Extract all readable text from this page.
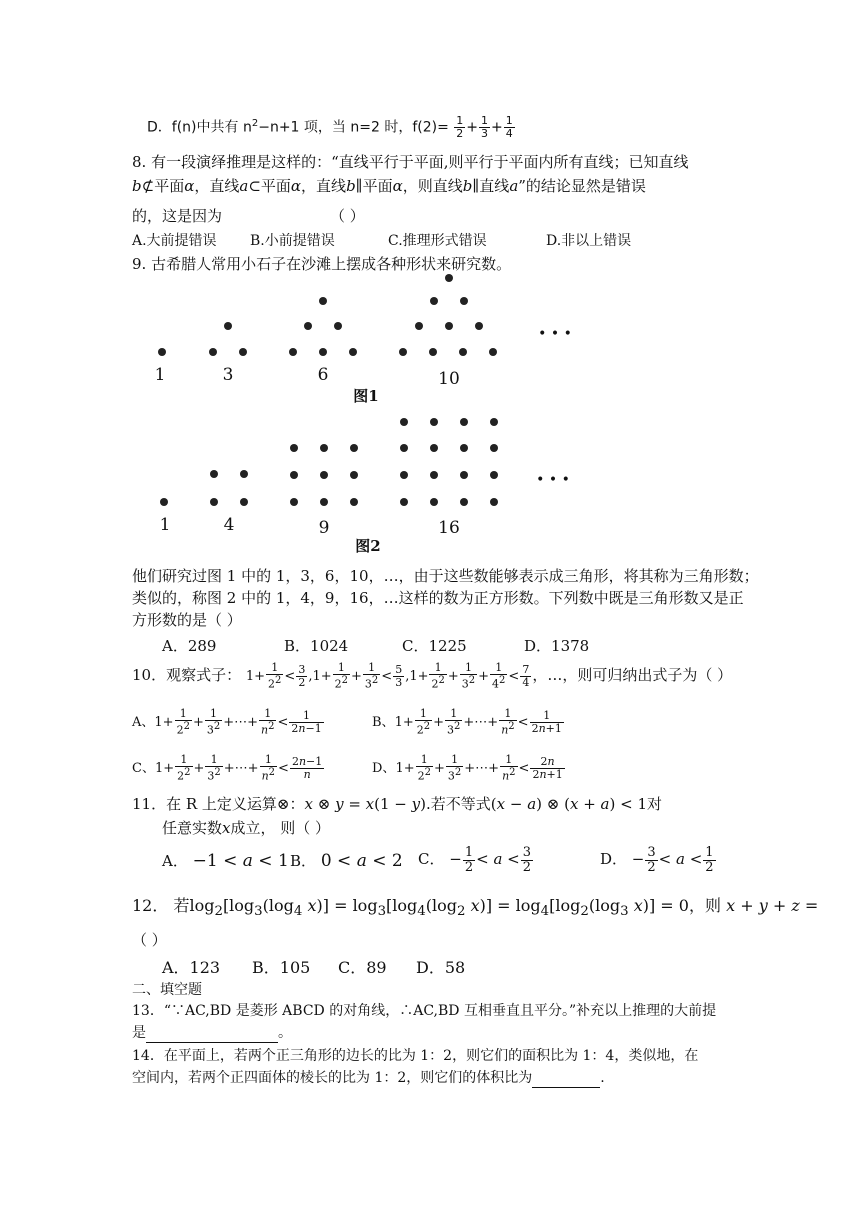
D．f(n)中共有 $n^2-n+1$ 项，当 n=2 时，$f(2)= \frac{1}{2} + \frac{1}{3} + \frac{1}{4}$
8. 有一段演绎推理是这样的：“直线平行于平面,则平行于平面内所有直线；已知直线
b⊄平面α，直线a⊂平面α，直线b∥平面α，则直线b∥直线a”的结论显然是错误
的，这是因为	（ ）
A.大前提错误 B.小前提错误	C.推理形式错误	D.非以上错误
9. 古希腊人常用小石子在沙滩上摆成各种形状来研究数。
1	3	6	10
图1
• • •
1	4	9	16
图2
• • •
他们研究过图 1 中的 1，3，6，10，…，由于这些数能够表示成三角形，将其称为三角形数；
类似的，称图 2 中的 1，4，9，16，…这样的数为正方形数。下列数中既是三角形数又是正
方形数的是（ ）
A．289	B．1024	C．1225	D．1378
10．观察式子： $1+ \frac{1}{2^2} < \frac{3}{2} ,1+ \frac{1}{2^2} + \frac{1}{3^2} < \frac{5}{3} ,1+ \frac{1}{2^2} + \frac{1}{3^2} + \frac{1}{4^2} < \frac{7}{4}$ ，…，则可归纳出式子为（ ）
A、$1+ \frac{1}{2^2} + \frac{1}{3^2}$ +⋯+ $\frac{1}{n^2} < \frac{1}{2n-1}$	B、$1+ \frac{1}{2^2} + \frac{1}{3^2}$ +⋯+ $\frac{1}{n^2} < \frac{1}{2n+1}$
C、$1+ \frac{1}{2^2} + \frac{1}{3^2}$ +⋯+ $\frac{1}{n^2} < \frac{2n-1}{n}$	D、$1+ \frac{1}{2^2} + \frac{1}{3^2}$ +⋯+ $\frac{1}{n^2} < \frac{2n}{2n+1}$
11．在 R 上定义运算⊗：x ⊗ y = x(1 − y).若不等式(x − a) ⊗ (x + a) < 1对
任意实数x成立， 则（ ）
A． −1 < a < 1 B． 0 < a < 2 C． − $\frac{1}{2} < a < \frac{3}{2}$	D． − $\frac{3}{2} < a < \frac{1}{2}$
12． 若$\log_2[\log_3(\log_4$ $x)] = \log_3[\log_4(\log_2$ $x)] = \log_4[\log_2(\log_3$ x)] = 0，则 x + y + z =
（ ）
A．123 B．105 C．89 D．58
二、填空题
13．“∵AC,BD 是菱形 ABCD 的对角线，∴AC,BD 互相垂直且平分。”补充以上推理的大前提
是	。
14．在平面上，若两个正三角形的边长的比为 1：2，则它们的面积比为 1：4，类似地，在
空间内，若两个正四面体的棱长的比为 1：2，则它们的体积比为	.
